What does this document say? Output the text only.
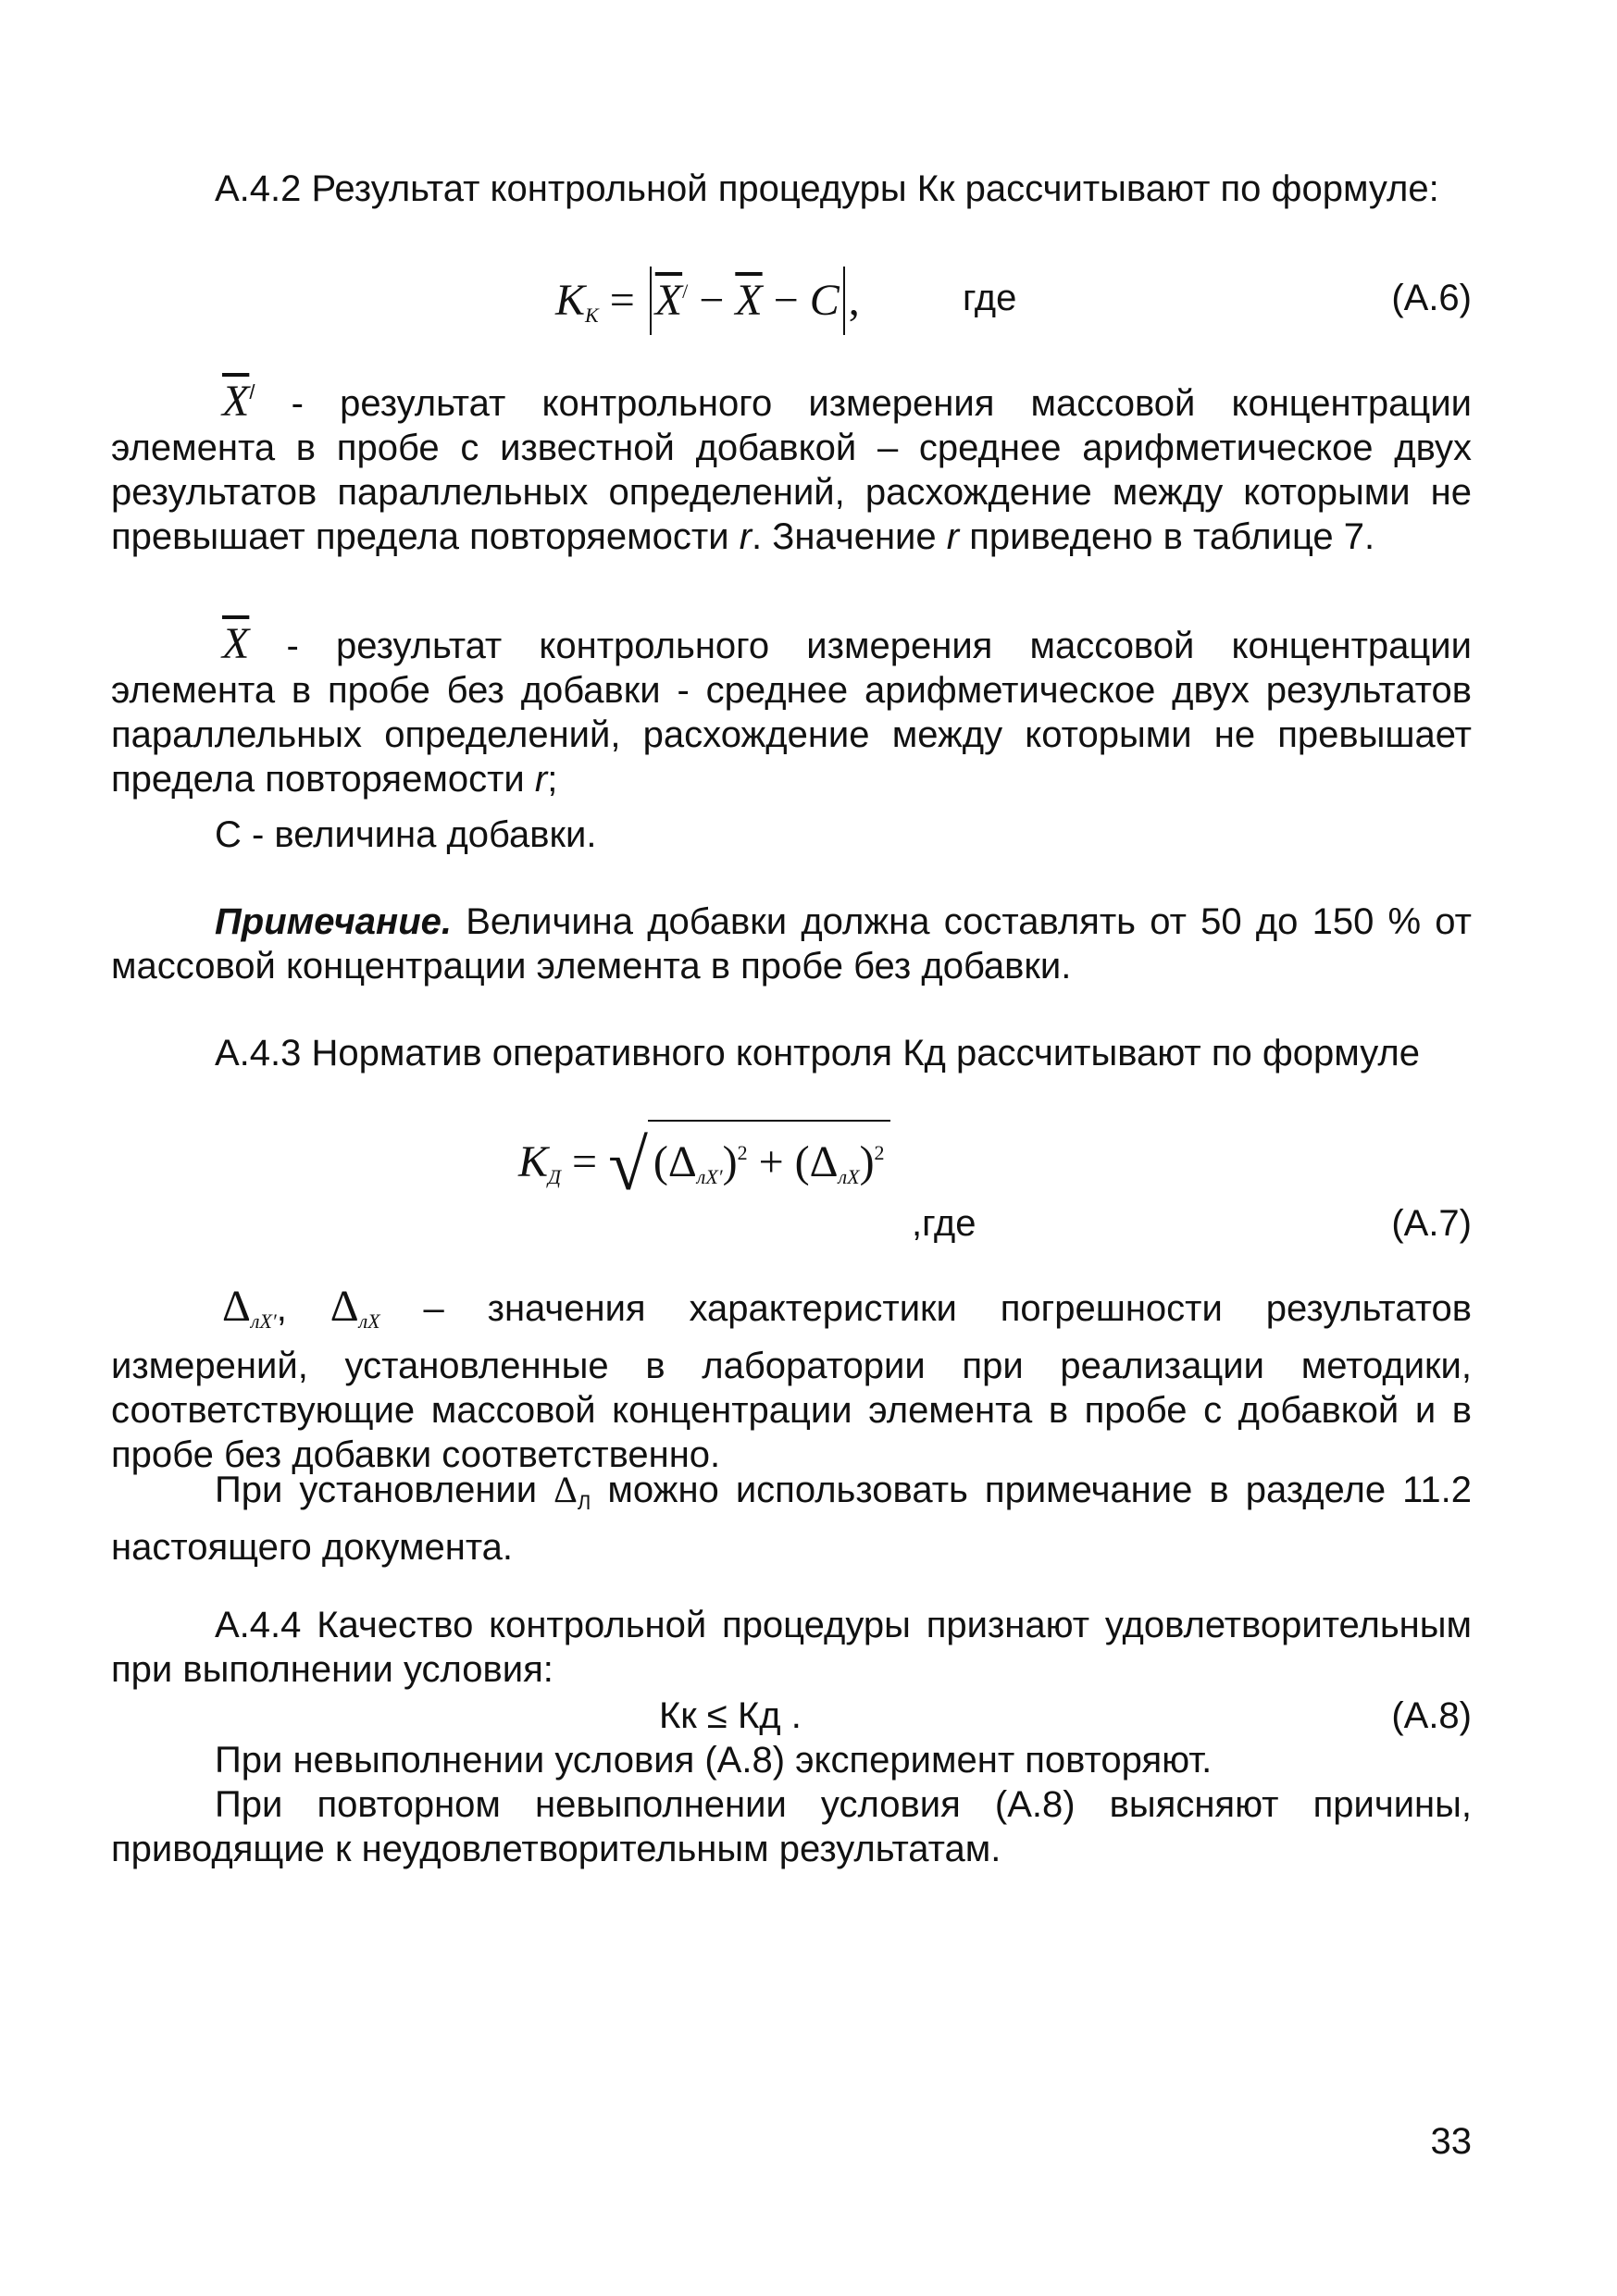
А.4.2 Результат контрольной процедуры Кк рассчитывают по формуле:

$K_K = \overline{X}^/ - \overline{X} - C$ ,	где	(А.6)

$\overline{X}^/$ - результат контрольного измерения массовой концентрации элемента в пробе с известной добавкой – среднее арифметическое двух результатов параллельных определений, расхождение между которыми не превышает предела повторяемости r. Значение r приведено в таблице 7.

$\overline{X}$ - результат контрольного измерения массовой концентрации элемента в пробе без добавки - среднее арифметическое двух результатов параллельных определений, расхождение между которыми не превышает предела повторяемости r;

С - величина добавки.

Примечание. Величина добавки должна составлять от 50 до 150 % от массовой концентрации элемента в пробе без добавки.

А.4.3 Норматив оперативного контроля Кд рассчитывают по формуле

$K_Д$ = √ $(\Delta_{лX'})^2 + (\Delta_{лX})^2$
,где	(А.7)

$\Delta_{лX'}$, $\Delta_{лX}$ – значения характеристики погрешности результатов измерений, установленные в лаборатории при реализации методики, соответствующие массовой концентрации элемента в пробе с добавкой и в пробе без добавки соответственно.

При установлении $\Delta_Л$ можно использовать примечание в разделе 11.2 настоящего документа.

А.4.4 Качество контрольной процедуры признают удовлетворительным при выполнении условия:

Кк ≤ Кд .	(А.8)

При невыполнении условия (А.8) эксперимент повторяют.

При повторном невыполнении условия (А.8) выясняют причины, приводящие к неудовлетворительным результатам.

33
